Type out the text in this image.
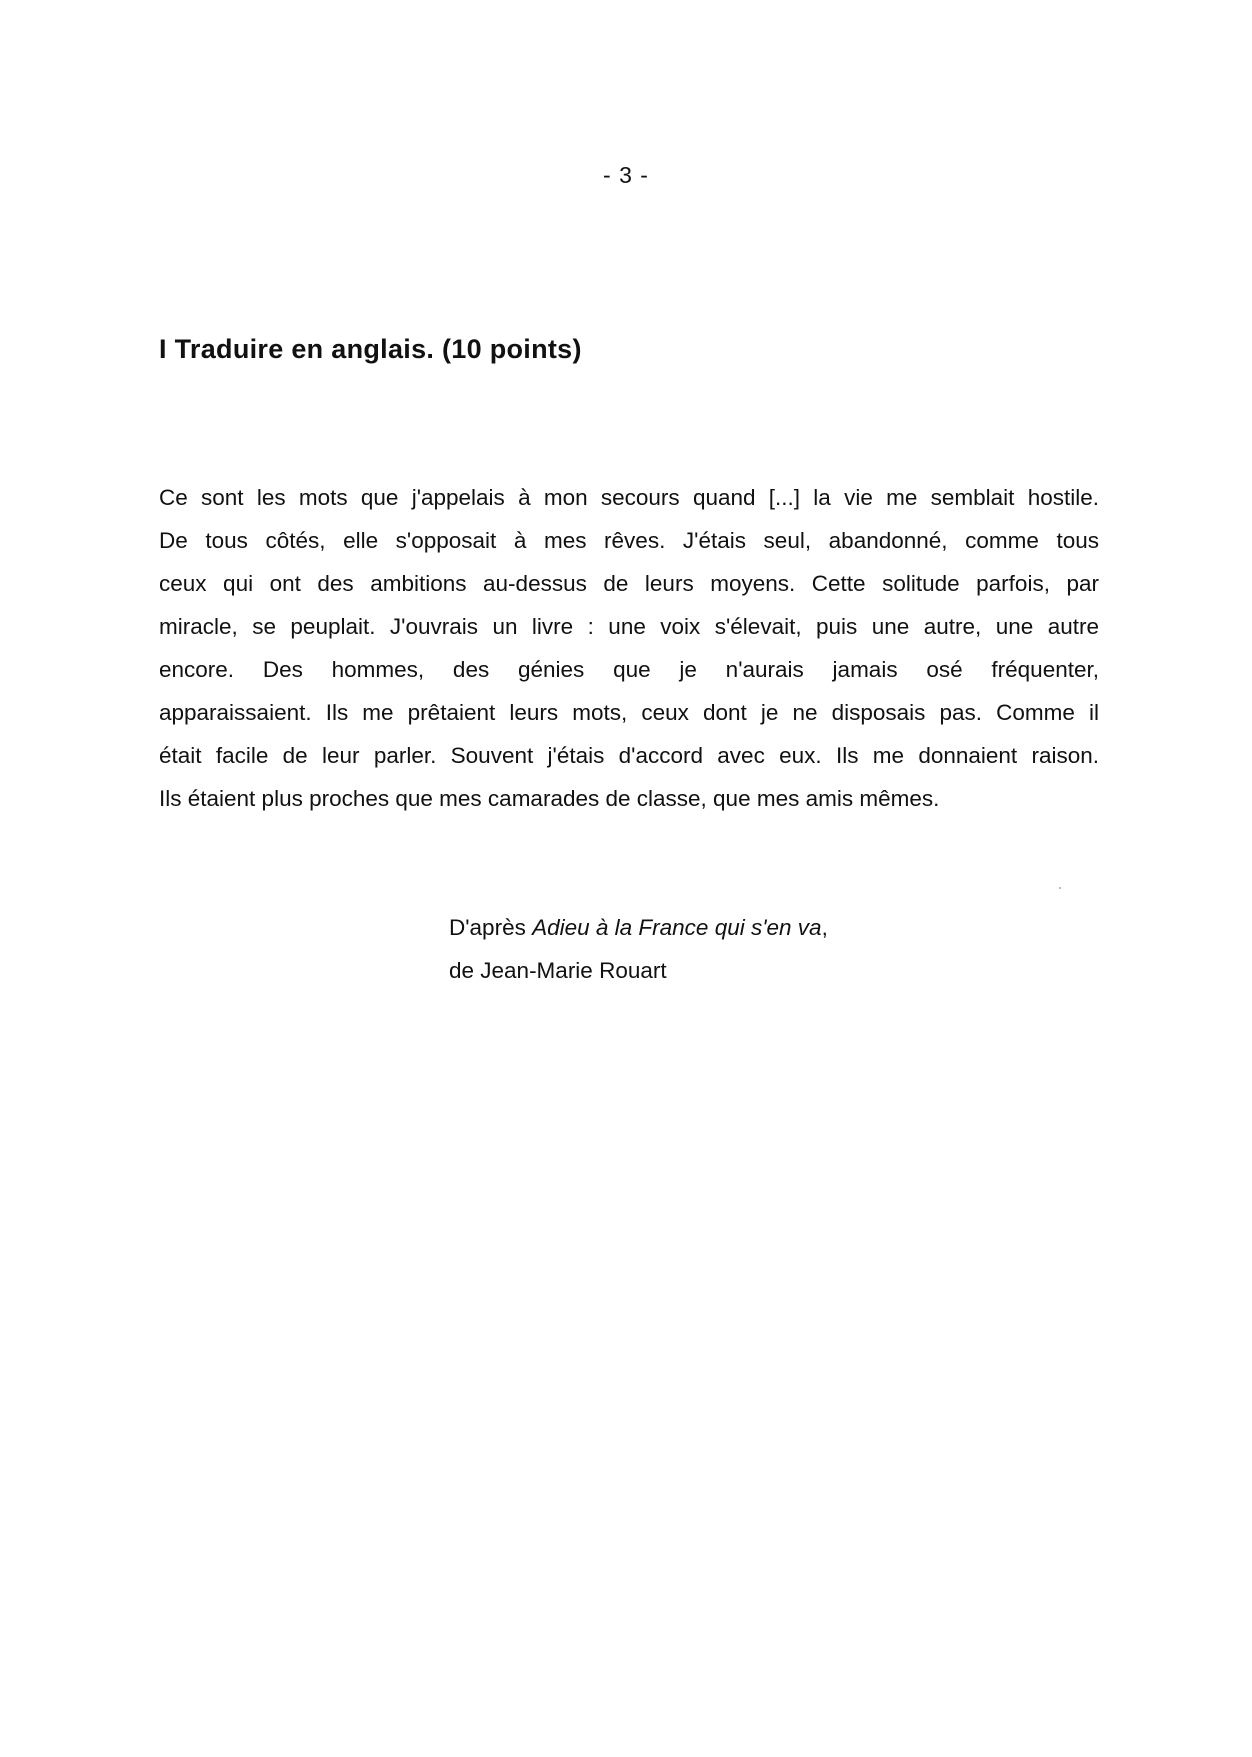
- 3 -
I Traduire en anglais. (10 points)
Ce sont les mots que j'appelais à mon secours quand [...] la vie me semblait hostile.
De tous côtés, elle s'opposait à mes rêves. J'étais seul, abandonné, comme tous
ceux qui ont des ambitions au-dessus de leurs moyens. Cette solitude parfois, par
miracle, se peuplait. J'ouvrais un livre : une voix s'élevait, puis une autre, une autre
encore. Des hommes, des génies que je n'aurais jamais osé fréquenter,
apparaissaient. Ils me prêtaient leurs mots, ceux dont je ne disposais pas. Comme il
était facile de leur parler. Souvent j'étais d'accord avec eux. Ils me donnaient raison.
Ils étaient plus proches que mes camarades de classe, que mes amis mêmes.
D'après Adieu à la France qui s'en va,
de Jean-Marie Rouart
